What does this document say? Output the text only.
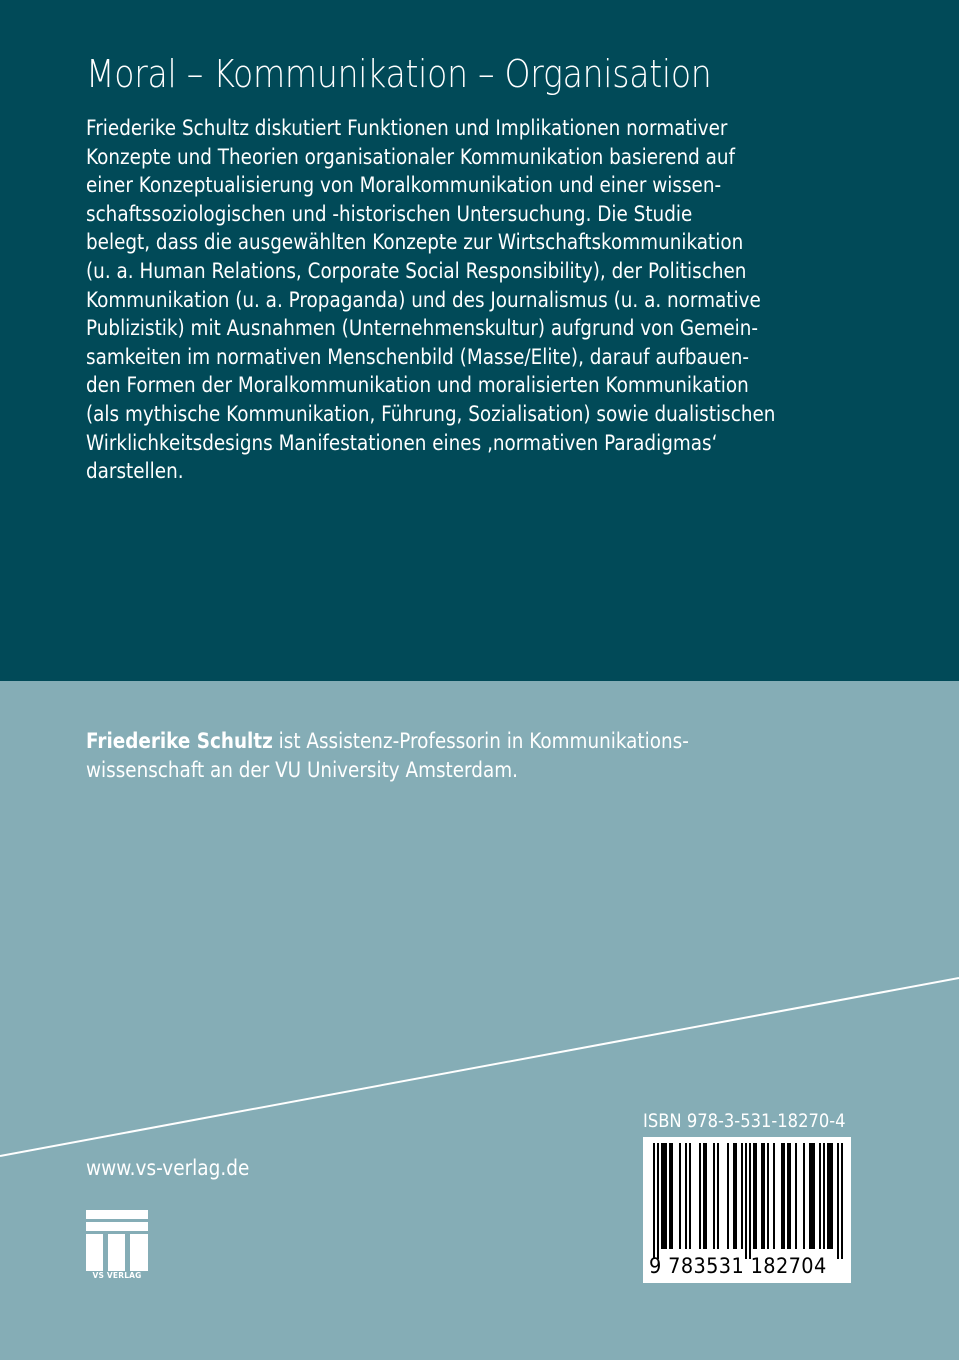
Moral – Kommunikation – Organisation

Friederike Schultz diskutiert Funktionen und Implikationen normativer
Konzepte und Theorien organisationaler Kommunikation basierend auf
einer Konzeptualisierung von Moralkommunikation und einer wissen-
schaftssoziologischen und -historischen Untersuchung. Die Studie
belegt, dass die ausgewählten Konzepte zur Wirtschaftskommunikation
(u. a. Human Relations, Corporate Social Responsibility), der Politischen
Kommunikation (u. a. Propaganda) und des Journalismus (u. a. normative
Publizistik) mit Ausnahmen (Unternehmenskultur) aufgrund von Gemein-
samkeiten im normativen Menschenbild (Masse/Elite), darauf aufbauen-
den Formen der Moralkommunikation und moralisierten Kommunikation
(als mythische Kommunikation, Führung, Sozialisation) sowie dualistischen
Wirklichkeitsdesigns Manifestationen eines ‚normativen Paradigmas‘
darstellen.

Friederike Schultz ist Assistenz-Professorin in Kommunikations-
wissenschaft an der VU University Amsterdam.
www.vs-verlag.de
VS VERLAG
ISBN 978-3-531-18270-4
9 783531 182704
